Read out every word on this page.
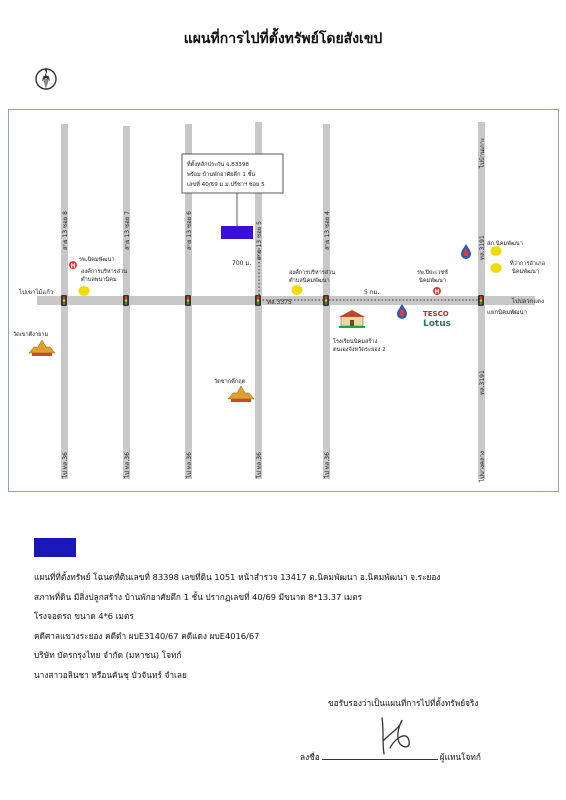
แผนที่การไปที่ตั้งทรัพย์โดยสังเขป
N
สาย 13 ซอย 8	สาย 13 ซอย 7	สาย 13 ซอย 6	สาย 13 ซอย 5	สาย 13 ซอย 4
ไปบ้านเกาะ
ไป ทล.36	ไป ทล.36	ไป ทล.36	ไป ทล.36	ไป ทล.36	ไปบางคลาง
ทล.3191
ทล.3191
ไปเขาไม้แก้ว
ไปปลวกแดง
ทล.3375
5 กม.
700 ม.
แยกนิคมพัฒนา
ที่ตั้งหลักประกัน จ.83398
พร้อม บ้านพักอาศัยตึก 1 ชั้น
เลขที่ 40/69 ม.ม.ปรีชาฯ ซอย 5
H
รพ.นิคมพัฒนา
องค์การบริหารส่วน
ตำบลพนานิคม
องค์การบริหารส่วน
ตำบลนิคมพัฒนา
รพ.ปิยะเวชช์
นิคมพัฒนา
H
สภ.นิคมพัฒนา
ที่ว่าการอำเภอ
นิคมพัฒนา
TESCO
Lotus
โรงเรียนนิคมสร้าง
ตนเองจังหวัดระยอง 2
วัดเขาตีงายาม
วัดชากคึกฤต
แผนที่ที่ตั้งทรัพย์ โฉนดที่ดินเลขที่ 83398 เลขที่ดิน 1051 หน้าสำรวจ 13417 ต.นิคมพัฒนา อ.นิคมพัฒนา จ.ระยอง
สภาพที่ดิน มีสิ่งปลูกสร้าง บ้านพักอาศัยตึก 1 ชั้น ปรากฏเลขที่ 40/69 มีขนาด 8*13.37 เมตร
โรงจอดรถ ขนาด 4*6 เมตร
คดีศาลแขวงระยอง คดีดำ ผบE3140/67 คดีแดง ผบE4016/67
บริษัท บัตรกรุงไทย จำกัด (มหาชน) โจทก์
นางสาวอลินชา หรือนคันชุ บัวจันทร์ จำเลย
ขอรับรองว่าเป็นแผนที่การไปที่ตั้งทรัพย์จริง
ลงชื่อ	ผู้แทนโจทก์
